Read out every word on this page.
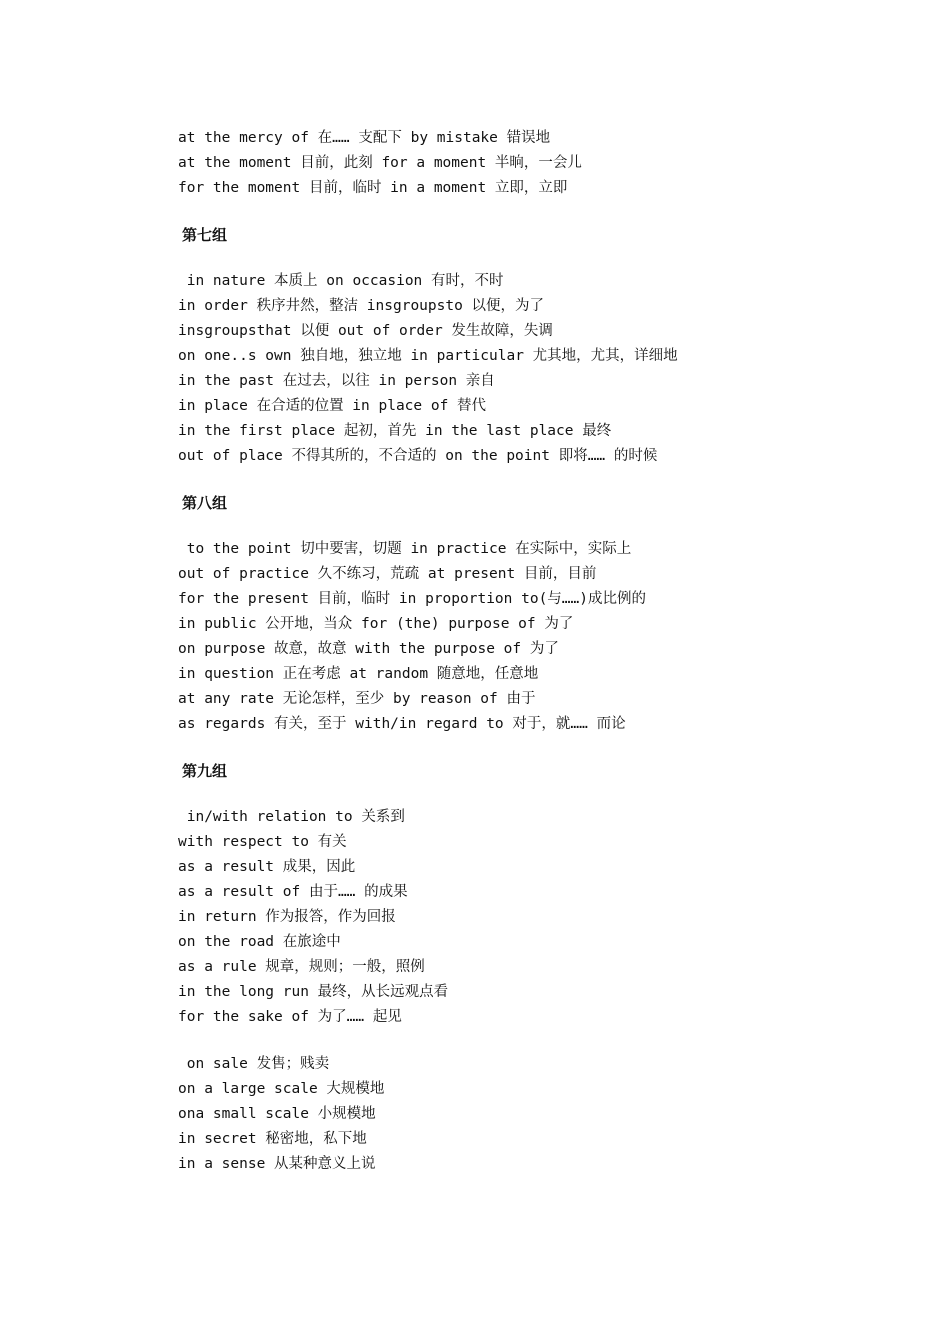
at the mercy of 在…… 支配下 by mistake 错误地
at the moment 目前，此刻 for a moment 半晌，一会儿
for the moment 目前，临时 in a moment 立即，立即
第七组
in nature 本质上 on occasion 有时，不时
in order 秩序井然，整洁 insgroupsto 以便，为了
insgroupsthat 以便 out of order 发生故障，失调
on one..s own 独自地，独立地 in particular 尤其地，尤其，详细地
in the past 在过去，以往 in person 亲自
in place 在合适的位置 in place of 替代
in the first place 起初，首先 in the last place 最终
out of place 不得其所的，不合适的 on the point 即将…… 的时候
第八组
to the point 切中要害，切题 in practice 在实际中，实际上
out of practice 久不练习，荒疏 at present 目前，目前
for the present 目前，临时 in proportion to(与……)成比例的
in public 公开地，当众 for (the) purpose of 为了
on purpose 故意，故意 with the purpose of 为了
in question 正在考虑 at random 随意地，任意地
at any rate 无论怎样，至少 by reason of 由于
as regards 有关，至于 with/in regard to 对于，就…… 而论
第九组
in/with relation to 关系到
with respect to 有关
as a result 成果，因此
as a result of 由于…… 的成果
in return 作为报答，作为回报
on the road 在旅途中
as a rule 规章，规则；一般，照例
in the long run 最终，从长远观点看
for the sake of 为了…… 起见
on sale 发售；贱卖
on a large scale 大规模地
ona small scale 小规模地
in secret 秘密地，私下地
in a sense 从某种意义上说
